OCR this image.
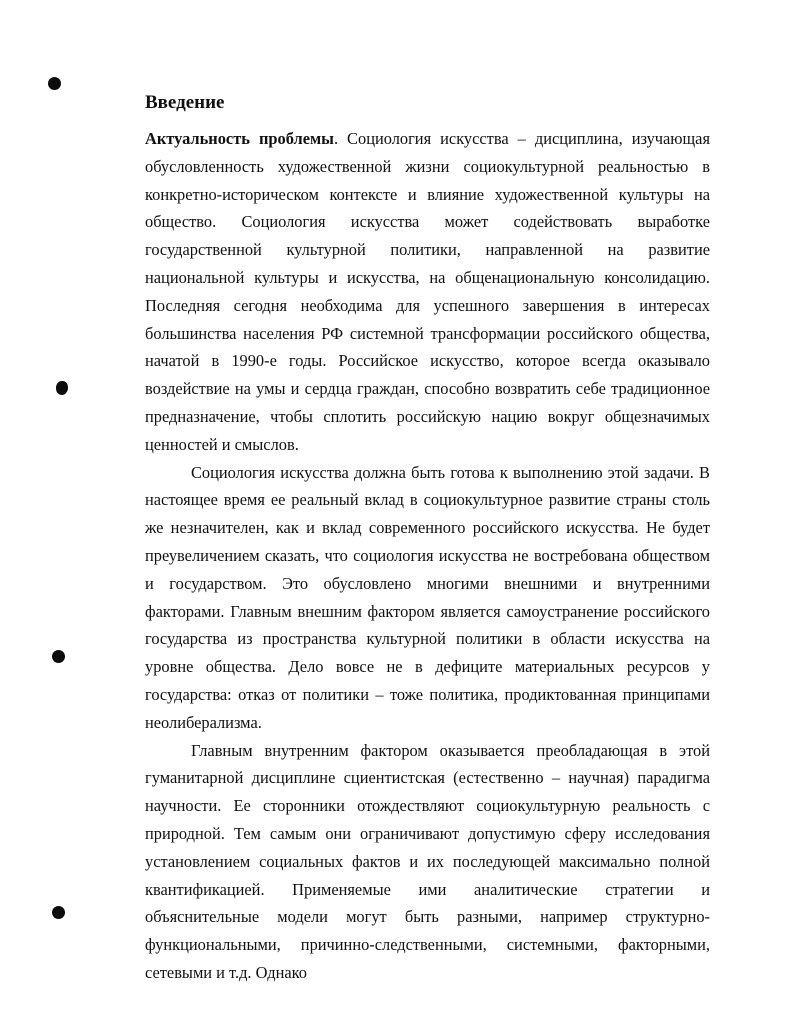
Введение

Актуальность проблемы. Социология искусства – дисциплина, изучающая обусловленность художественной жизни социокультурной реальностью в конкретно-историческом контексте и влияние художественной культуры на общество. Социология искусства может содействовать выработке государственной культурной политики, направленной на развитие национальной культуры и искусства, на общенациональную консолидацию. Последняя сегодня необходима для успешного завершения в интересах большинства населения РФ системной трансформации российского общества, начатой в 1990-е годы. Российское искусство, которое всегда оказывало воздействие на умы и сердца граждан, способно возвратить себе традиционное предназначение, чтобы сплотить российскую нацию вокруг общезначимых ценностей и смыслов.

Социология искусства должна быть готова к выполнению этой задачи. В настоящее время ее реальный вклад в социокультурное развитие страны столь же незначителен, как и вклад современного российского искусства. Не будет преувеличением сказать, что социология искусства не востребована обществом и государством. Это обусловлено многими внешними и внутренними факторами. Главным внешним фактором является самоустранение российского государства из пространства культурной политики в области искусства на уровне общества. Дело вовсе не в дефиците материальных ресурсов у государства: отказ от политики – тоже политика, продиктованная принципами неолиберализма.

Главным внутренним фактором оказывается преобладающая в этой гуманитарной дисциплине сциентистская (естественно – научная) парадигма научности. Ее сторонники отождествляют социокультурную реальность с природной. Тем самым они ограничивают допустимую сферу исследования установлением социальных фактов и их последующей максимально полной квантификацией. Применяемые ими аналитические стратегии и объяснительные модели могут быть разными, например структурно-функциональными, причинно-следственными, системными, факторными, сетевыми и т.д. Однако
